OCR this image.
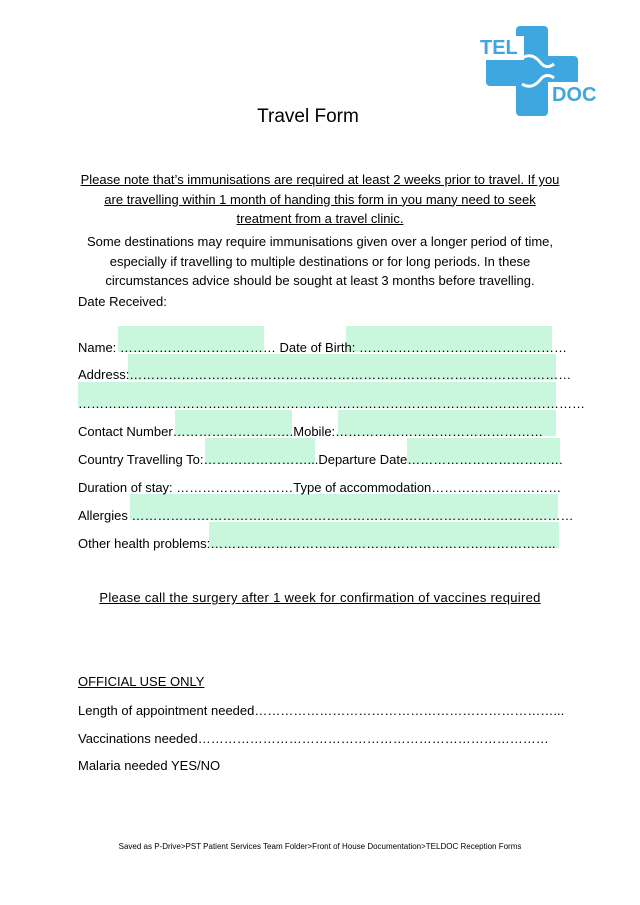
TEL
DOC
Travel Form
Please note that’s immunisations are required at least 2 weeks prior to travel. If you are travelling within 1 month of handing this form in you many need to seek treatment from a travel clinic.
Some destinations may require immunisations given over a longer period of time, especially if travelling to multiple destinations or for long periods. In these circumstances advice should be sought at least 3 months before travelling.
Date Received:
Name: ……………………………… Date of Birth: …………………………………………
Address:…………………………………………………………………………………………
………………………………………………………………………………………………………
Contact Number……………………….Mobile:…………………………………………
Country Travelling To:……………………...Departure Date………………………………
Duration of stay: ………………………Type of accommodation…………………………
Allergies …………………………………………………………………………………………
Other health problems:……………………………………………………………………..
Please call the surgery after 1 week for confirmation of vaccines required
OFFICIAL USE ONLY
Length of appointment needed……………………………………………………………...
Vaccinations needed………………………………………………………………………
Malaria needed YES/NO
Saved as P-Drive>PST Patient Services Team Folder>Front of House Documentation>TELDOC Reception Forms
